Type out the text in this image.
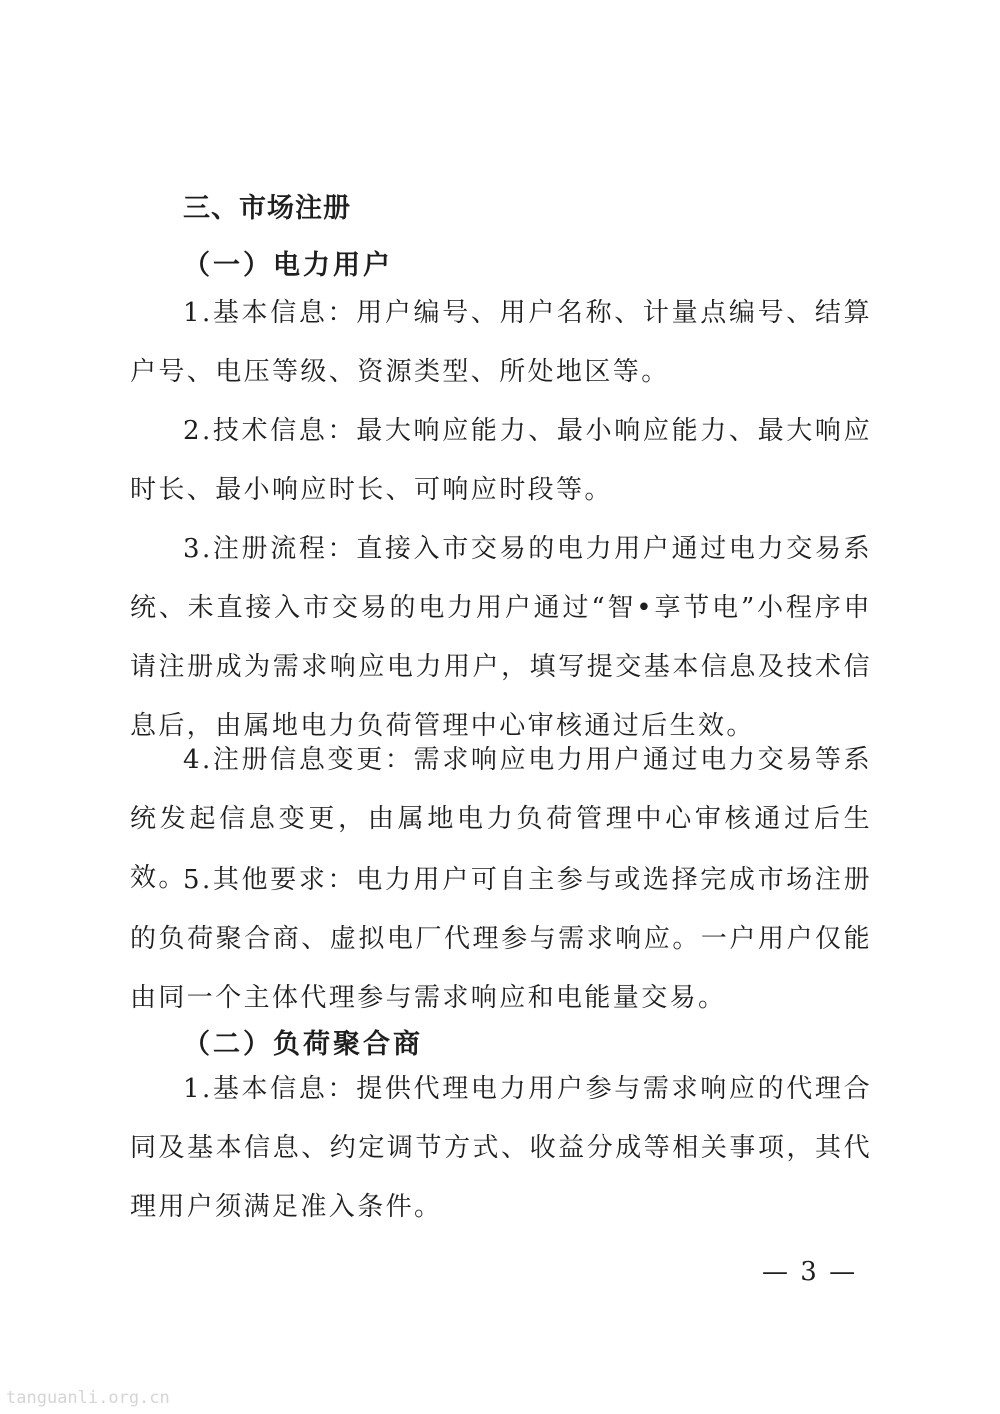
三、市场注册
（一）电力用户

1.基本信息：用户编号、用户名称、计量点编号、结算户号、电压等级、资源类型、所处地区等。

2.技术信息：最大响应能力、最小响应能力、最大响应时长、最小响应时长、可响应时段等。

3.注册流程：直接入市交易的电力用户通过电力交易系统、未直接入市交易的电力用户通过“智•享节电”小程序申请注册成为需求响应电力用户，填写提交基本信息及技术信息后，由属地电力负荷管理中心审核通过后生效。

4.注册信息变更：需求响应电力用户通过电力交易等系统发起信息变更，由属地电力负荷管理中心审核通过后生效。

5.其他要求：电力用户可自主参与或选择完成市场注册的负荷聚合商、虚拟电厂代理参与需求响应。一户用户仅能由同一个主体代理参与需求响应和电能量交易。

（二）负荷聚合商

1.基本信息：提供代理电力用户参与需求响应的代理合同及基本信息、约定调节方式、收益分成等相关事项，其代理用户须满足准入条件。

— 3 —
tanguanli.org.cn
